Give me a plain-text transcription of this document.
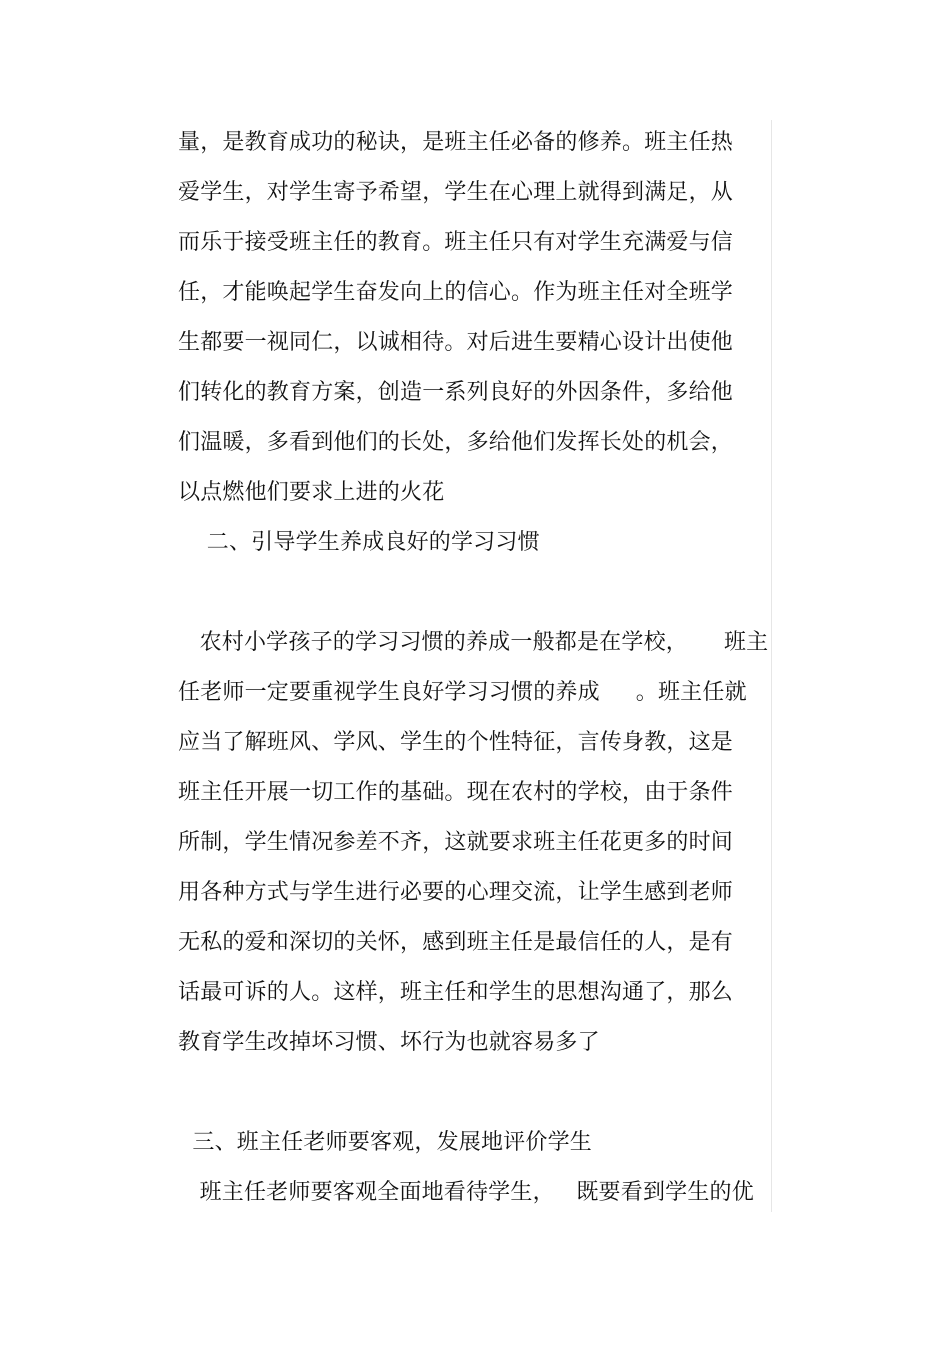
量，是教育成功的秘诀，是班主任必备的修养。班主任热
爱学生，对学生寄予希望，学生在心理上就得到满足，从
而乐于接受班主任的教育。班主任只有对学生充满爱与信
任，才能唤起学生奋发向上的信心。作为班主任对全班学
生都要一视同仁，以诚相待。对后进生要精心设计出使他
们转化的教育方案，创造一系列良好的外因条件，多给他
们温暖，多看到他们的长处，多给他们发挥长处的机会，
以点燃他们要求上进的火花
二、引导学生养成良好的学习习惯
农村小学孩子的学习习惯的养成一般都是在学校，     班主
任老师一定要重视学生良好学习习惯的养成     。班主任就
应当了解班风、学风、学生的个性特征，言传身教，这是
班主任开展一切工作的基础。现在农村的学校，由于条件
所制，学生情况参差不齐，这就要求班主任花更多的时间
用各种方式与学生进行必要的心理交流，让学生感到老师
无私的爱和深切的关怀，感到班主任是最信任的人，是有
话最可诉的人。这样，班主任和学生的思想沟通了，那么
教育学生改掉坏习惯、坏行为也就容易多了
三、班主任老师要客观，发展地评价学生
班主任老师要客观全面地看待学生，   既要看到学生的优
